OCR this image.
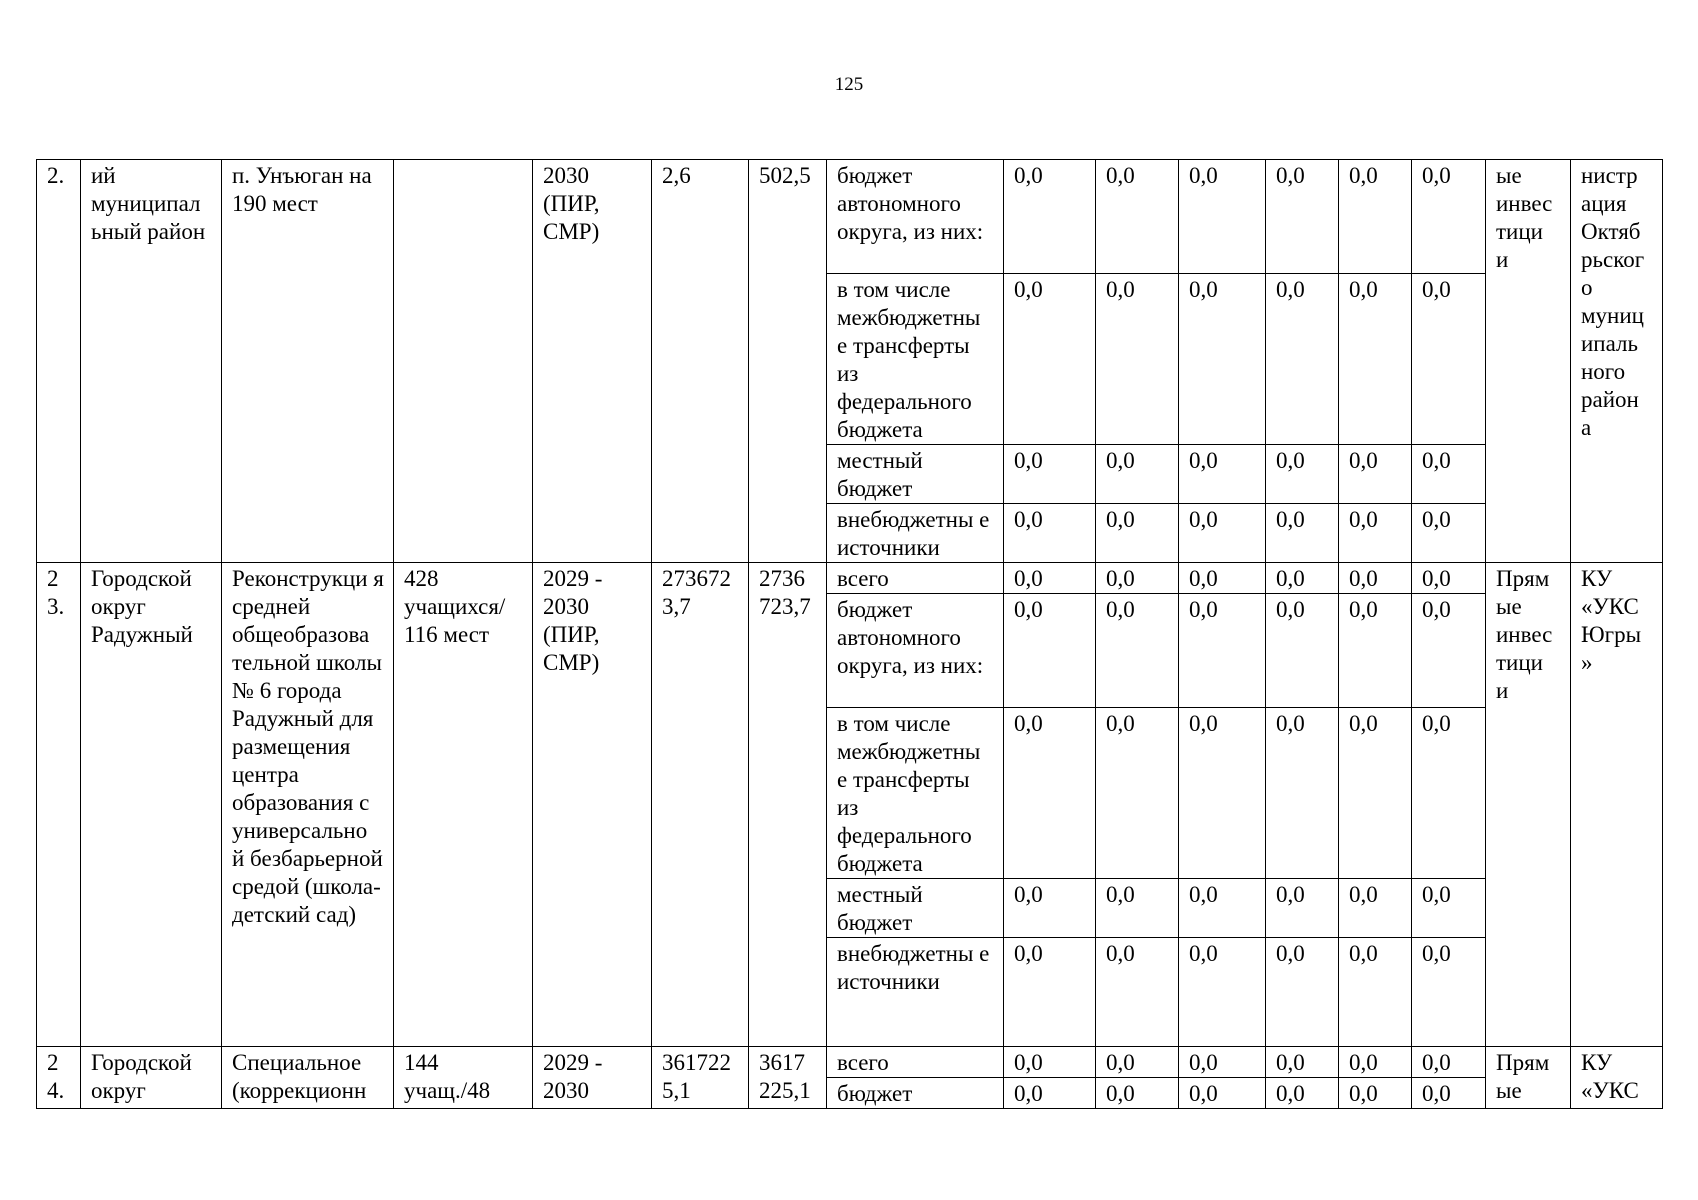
125
2.	ий муниципал ьный район	п. Унъюган на 190 мест		2030 (ПИР, СМР)	2,6	502,5	бюджет автономного округа, из них:	0,0	0,0	0,0	0,0	0,0	0,0	ые инвес тици и	нистр ация Октяб рьског о муниц ипаль ного район а
							в том числе межбюджетны е трансферты из федерального бюджета	0,0	0,0	0,0	0,0	0,0	0,0		
							местный бюджет	0,0	0,0	0,0	0,0	0,0	0,0		
							внебюджетны е источники	0,0	0,0	0,0	0,0	0,0	0,0		
2 3.	Городской округ Радужный	Реконструкци я средней общеобразова тельной школы № 6 города Радужный для размещения центра образования с универсально й безбарьерной средой (школа-детский сад)	428 учащихся/ 116 мест	2029 - 2030 (ПИР, СМР)	273672 3,7	2736 723,7	всего	0,0	0,0	0,0	0,0	0,0	0,0	Прям ые инвес тици и	КУ «УКС Югры »
							бюджет автономного округа, из них:	0,0	0,0	0,0	0,0	0,0	0,0		
							в том числе межбюджетны е трансферты из федерального бюджета	0,0	0,0	0,0	0,0	0,0	0,0		
							местный бюджет	0,0	0,0	0,0	0,0	0,0	0,0		
							внебюджетны е источники	0,0	0,0	0,0	0,0	0,0	0,0		
2 4.	Городской округ	Специальное (коррекционн	144 учащ./48	2029 - 2030	361722 5,1	3617 225,1	всего	0,0	0,0	0,0	0,0	0,0	0,0	Прям ые	КУ «УКС
							бюджет	0,0	0,0	0,0	0,0	0,0	0,0		
